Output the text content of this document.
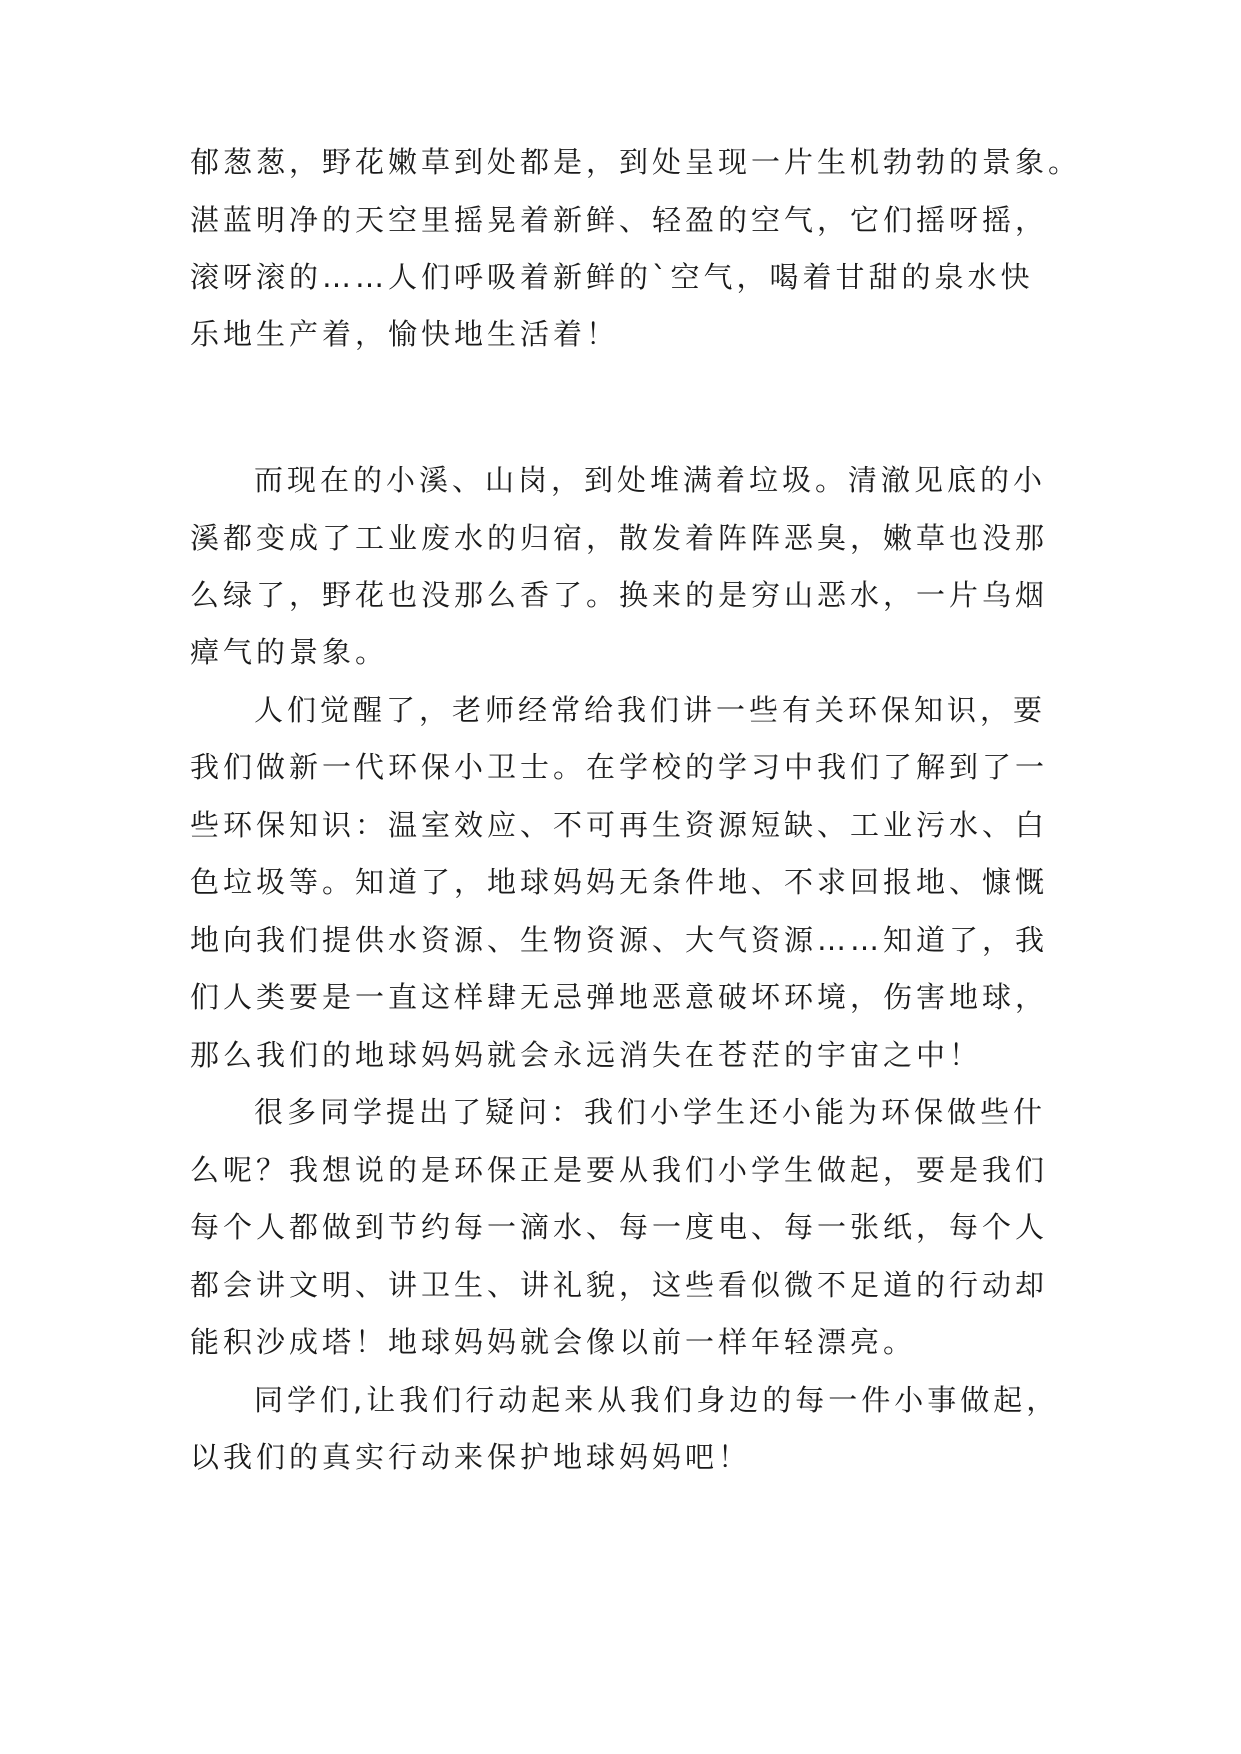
郁葱葱，野花嫩草到处都是，到处呈现一片生机勃勃的景象。
湛蓝明净的天空里摇晃着新鲜、轻盈的空气，它们摇呀摇，
滚呀滚的……人们呼吸着新鲜的`空气，喝着甘甜的泉水快
乐地生产着，愉快地生活着！
而现在的小溪、山岗，到处堆满着垃圾。清澈见底的小
溪都变成了工业废水的归宿，散发着阵阵恶臭，嫩草也没那
么绿了，野花也没那么香了。换来的是穷山恶水，一片乌烟
瘴气的景象。
人们觉醒了，老师经常给我们讲一些有关环保知识，要
我们做新一代环保小卫士。在学校的学习中我们了解到了一
些环保知识：温室效应、不可再生资源短缺、工业污水、白
色垃圾等。知道了，地球妈妈无条件地、不求回报地、慷慨
地向我们提供水资源、生物资源、大气资源……知道了，我
们人类要是一直这样肆无忌弹地恶意破坏环境，伤害地球，
那么我们的地球妈妈就会永远消失在苍茫的宇宙之中！
很多同学提出了疑问：我们小学生还小能为环保做些什
么呢？我想说的是环保正是要从我们小学生做起，要是我们
每个人都做到节约每一滴水、每一度电、每一张纸，每个人
都会讲文明、讲卫生、讲礼貌，这些看似微不足道的行动却
能积沙成塔！地球妈妈就会像以前一样年轻漂亮。
同学们,让我们行动起来从我们身边的每一件小事做起，
以我们的真实行动来保护地球妈妈吧！
